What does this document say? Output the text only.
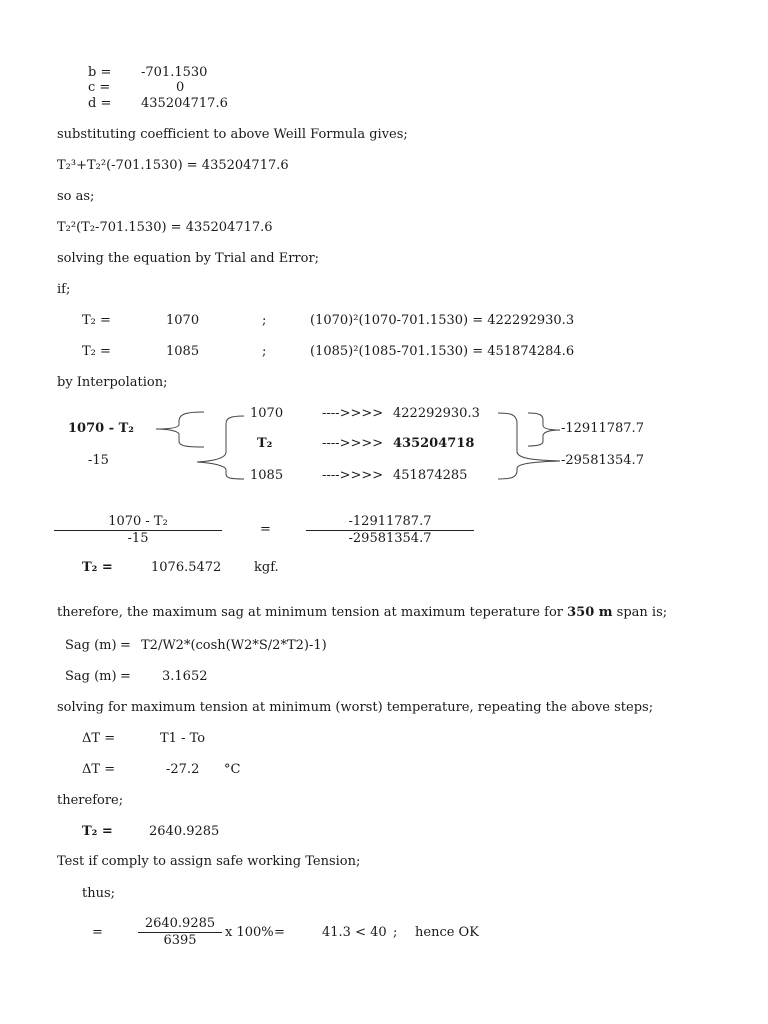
b = -701.1530
c =	0
d = 435204717.6
substituting coefficient to above Weill Formula gives;
T₂³+T₂²(-701.1530) = 435204717.6
so as;
T₂²(T₂-701.1530) = 435204717.6
solving the equation by Trial and Error;
if;
T₂ =	1070	;	(1070)²(1070-701.1530) = 422292930.3
T₂ =	1085	;	(1085)²(1085-701.1530) = 451874284.6
by Interpolation;
1070 - T₂
-15
1070	---->>>> 422292930.3
T₂	---->>>> 435204718
1085	---->>>> 451874285
-12911787.7
-29581354.7
1070 - T₂
-15
=
-12911787.7
-29581354.7
T₂ =	1076.5472	kgf.
therefore, the maximum sag at minimum tension at maximum teperature for 350 m span is;
Sag (m) = T2/W2*(cosh(W2*S/2*T2)-1)
Sag (m) = 3.1652
solving for maximum tension at minimum (worst) temperature, repeating the above steps;
ΔT =	T1 - To
ΔT =	-27.2 °C
therefore;
T₂ =	2640.9285
Test if comply to assign safe working Tension;
thus;
=
2640.9285
6395
x 100% =	41.3 < 40 ; hence OK
